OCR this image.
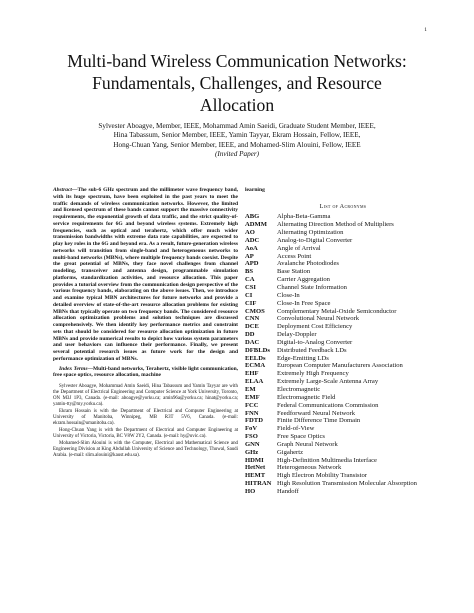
1
Multi-band Wireless Communication Networks:
Fundamentals, Challenges, and Resource
Allocation
Sylvester Aboagye, Member, IEEE, Mohammad Amin Saeidi, Graduate Student Member, IEEE,
Hina Tabassum, Senior Member, IEEE, Yamin Tayyar, Ekram Hossain, Fellow, IEEE,
Hong-Chuan Yang, Senior Member, IEEE, and Mohamed-Slim Alouini, Fellow, IEEE
(Invited Paper)

Abstract—The sub-6 GHz spectrum and the millimeter wave frequency band, with its huge spectrum, have been exploited in the past years to meet the traffic demands of wireless communication networks. However, the limited and licensed spectrum of these bands cannot support the massive connectivity requirements, the exponential growth of data traffic, and the strict quality-of-service requirements for 6G and beyond wireless systems. Extremely high frequencies, such as optical and terahertz, which offer much wider transmission bandwidths with extreme data rate capabilities, are expected to play key roles in the 6G and beyond era. As a result, future-generation wireless networks will transition from single-band and heterogeneous networks to multi-band networks (MBNs), where multiple frequency bands coexist. Despite the great potential of MBNs, they face novel challenges from channel modeling, transceiver and antenna design, programmable simulation platforms, standardization activities, and resource allocation. This paper provides a tutorial overview from the communication design perspective of the various frequency bands, elaborating on the above issues. Then, we introduce and examine typical MBN architectures for future networks and provide a detailed overview of state-of-the-art resource allocation problems for existing MBNs that typically operate on two frequency bands. The considered resource allocation optimization problems and solution techniques are discussed comprehensively. We then identify key performance metrics and constraint sets that should be considered for resource allocation optimization in future MBNs and provide numerical results to depict how various system parameters and user behaviors can influence their performance. Finally, we present several potential research issues as future work for the design and performance optimization of MBNs.

Index Terms—Multi-band networks, Terahertz, visible light communication, free space optics, resource allocation, machine

Sylvester Aboagye, Mohammad Amin Saeidi, Hina Tabassum and Yamin Tayyar are with the Department of Electrical Engineering and Computer Science at York University, Toronto, ON M3J 1P3, Canada. (e-mail: aboagye@yorku.ca; amin96a@yorku.ca; hinat@yorku.ca; yamin-tty@my.yorku.ca).

Ekram Hossain is with the Department of Electrical and Computer Engineering at University of Manitoba, Winnipeg, MB R3T 5V6, Canada. (e-mail: ekram.hossain@umanitoba.ca).

Hong-Chuan Yang is with the Department of Electrical and Computer Engineering at University of Victoria, Victoria, BC V8W 2Y2, Canada. (e-mail: hy@uvic.ca).

Mohamed-Slim Alouini is with the Computer, Electrical and Mathematical Science and Engineering Division at King Abdullah University of Science and Technology, Thuwal, Saudi Arabia. (e-mail: slim.alouini@kaust.edu.sa).

learning
List of Acronyms
ABG	Alpha-Beta-Gamma
ADMM	Alternating Direction Method of Multipliers
AO	Alternating Optimization
ADC	Analog-to-Digital Converter
AoA	Angle of Arrival
AP	Access Point
APD	Avalanche Photodiodes
BS	Base Station
CA	Carrier Aggregation
CSI	Channel State Information
CI	Close-In
CIF	Close-In Free Space
CMOS	Complementary Metal-Oxide Semiconductor
CNN	Convolutional Neural Network
DCE	Deployment Cost Efficiency
DD	Delay-Doppler
DAC	Digital-to-Analog Converter
DFBLDs	Distributed Feedback LDs
EELDs	Edge-Emitting LDs
ECMA	European Computer Manufacturers Association
EHF	Extremely High Frequency
ELAA	Extremely Large-Scale Antenna Array
EM	Electromagnetic
EMF	Electromagnetic Field
FCC	Federal Communications Commission
FNN	Feedforward Neural Network
FDTD	Finite Difference Time Domain
FoV	Field-of-View
FSO	Free Space Optics
GNN	Graph Neural Network
GHz	Gigahertz
HDMI	High-Definition Multimedia Interface
HetNet	Heterogeneous Network
HEMT	High Electron Mobility Transistor
HITRAN High Resolution Transmission Molecular Absorption
HO	Handoff
